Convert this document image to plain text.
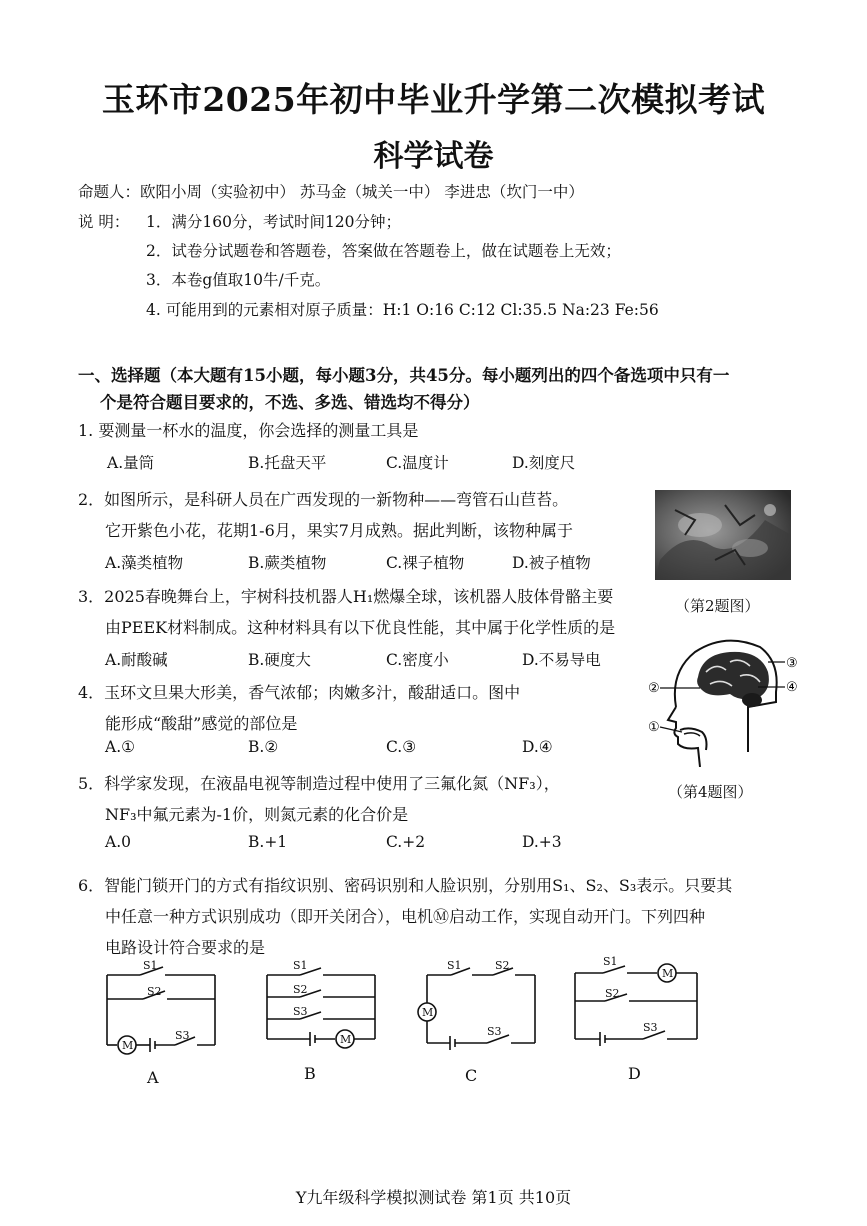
玉环市2025年初中毕业升学第二次模拟考试
科学试卷
命题人：欧阳小周（实验初中） 苏马金（城关一中） 李进忠（坎门一中）
说 明： 1．满分160分，考试时间120分钟；
2．试卷分试题卷和答题卷，答案做在答题卷上，做在试题卷上无效；
3．本卷g值取10牛/千克。
4. 可能用到的元素相对原子质量：H:1 O:16 C:12 Cl:35.5 Na:23 Fe:56
一、选择题（本大题有15小题，每小题3分，共45分。每小题列出的四个备选项中只有一
个是符合题目要求的，不选、多选、错选均不得分）
1. 要测量一杯水的温度，你会选择的测量工具是
A.量筒	B.托盘天平	C.温度计	D.刻度尺
2．如图所示，是科研人员在广西发现的一新物种——弯管石山苣苔。
它开紫色小花，花期1-6月，果实7月成熟。据此判断，该物种属于
A.藻类植物	B.蕨类植物	C.裸子植物	D.被子植物
（第2题图）
3．2025春晚舞台上，宇树科技机器人H₁燃爆全球，该机器人肢体骨骼主要
由PEEK材料制成。这种材料具有以下优良性能，其中属于化学性质的是
A.耐酸碱	B.硬度大	C.密度小	D.不易导电
②
①
③
④
（第4题图）
4．玉环文旦果大形美，香气浓郁；肉嫩多汁，酸甜适口。图中
能形成“酸甜”感觉的部位是
A.①	B.②	C.③	D.④
5．科学家发现，在液晶电视等制造过程中使用了三氟化氮（NF₃），
NF₃中氟元素为-1价，则氮元素的化合价是
A.0	B.+1	C.+2	D.+3
6．智能门锁开门的方式有指纹识别、密码识别和人脸识别，分别用S₁、S₂、S₃表示。只要其
中任意一种方式识别成功（即开关闭合），电机Ⓜ启动工作，实现自动开门。下列四种
电路设计符合要求的是
S1
S2
S3
M
S1
S2
S3
M
S1	S2
S3
M
S1
S2
S3
M
A	B	C	D
Y九年级科学模拟测试卷 第1页 共10页
